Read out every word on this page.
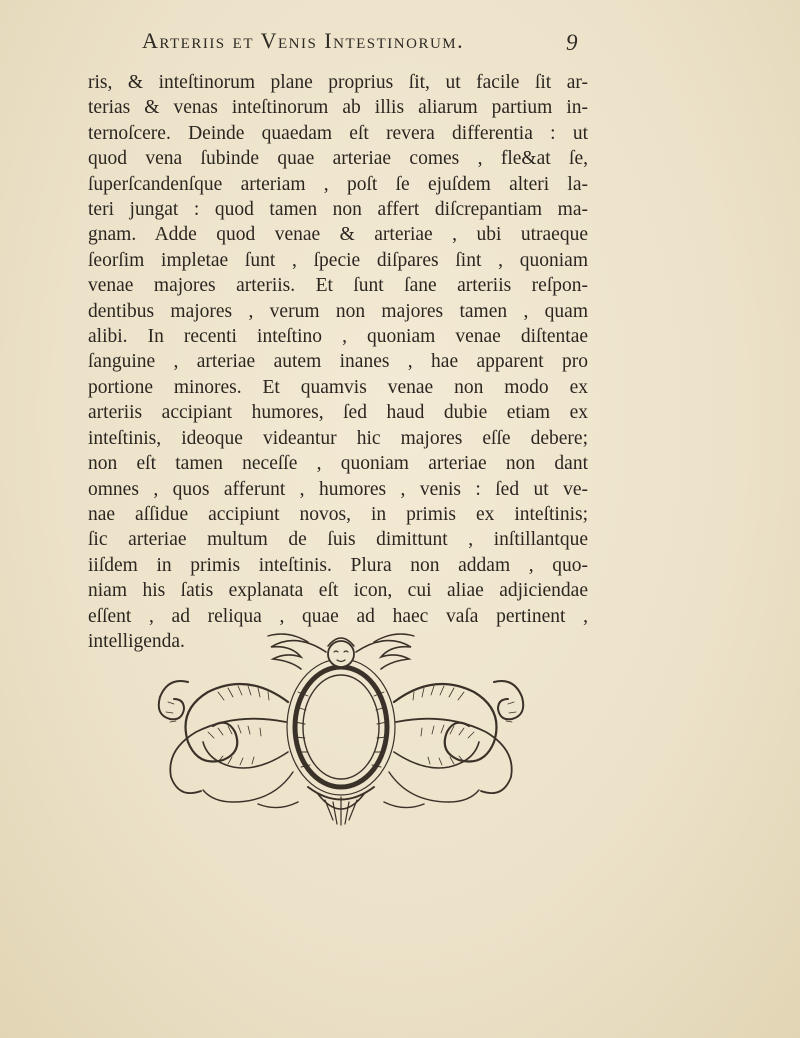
Arteriis et Venis Intestinorum.	9
ris, & inteſtinorum plane proprius ſit, ut facile ſit ar-
terias & venas inteſtinorum ab illis aliarum partium in-
ternoſcere. Deinde quaedam eſt revera differentia : ut
quod vena ſubinde quae arteriae comes , fle&at ſe,
ſuperſcandenſque arteriam , poſt ſe ejuſdem alteri la-
teri jungat : quod tamen non affert diſcrepantiam ma-
gnam. Adde quod venae & arteriae , ubi utraeque
ſeorſim impletae ſunt , ſpecie diſpares ſint , quoniam
venae majores arteriis. Et ſunt ſane arteriis reſpon-
dentibus majores , verum non majores tamen , quam
alibi. In recenti inteſtino , quoniam venae diſtentae
ſanguine , arteriae autem inanes , hae apparent pro
portione minores. Et quamvis venae non modo ex
arteriis accipiant humores, ſed haud dubie etiam ex
inteſtinis, ideoque videantur hic majores eſſe debere;
non eſt tamen neceſſe , quoniam arteriae non dant
omnes , quos afferunt , humores , venis : ſed ut ve-
nae aſſidue accipiunt novos, in primis ex inteſtinis;
ſic arteriae multum de ſuis dimittunt , inſtillantque
iiſdem in primis inteſtinis. Plura non addam , quo-
niam his ſatis explanata eſt icon, cui aliae adjiciendae
eſſent , ad reliqua , quae ad haec vaſa pertinent ,
intelligenda.
